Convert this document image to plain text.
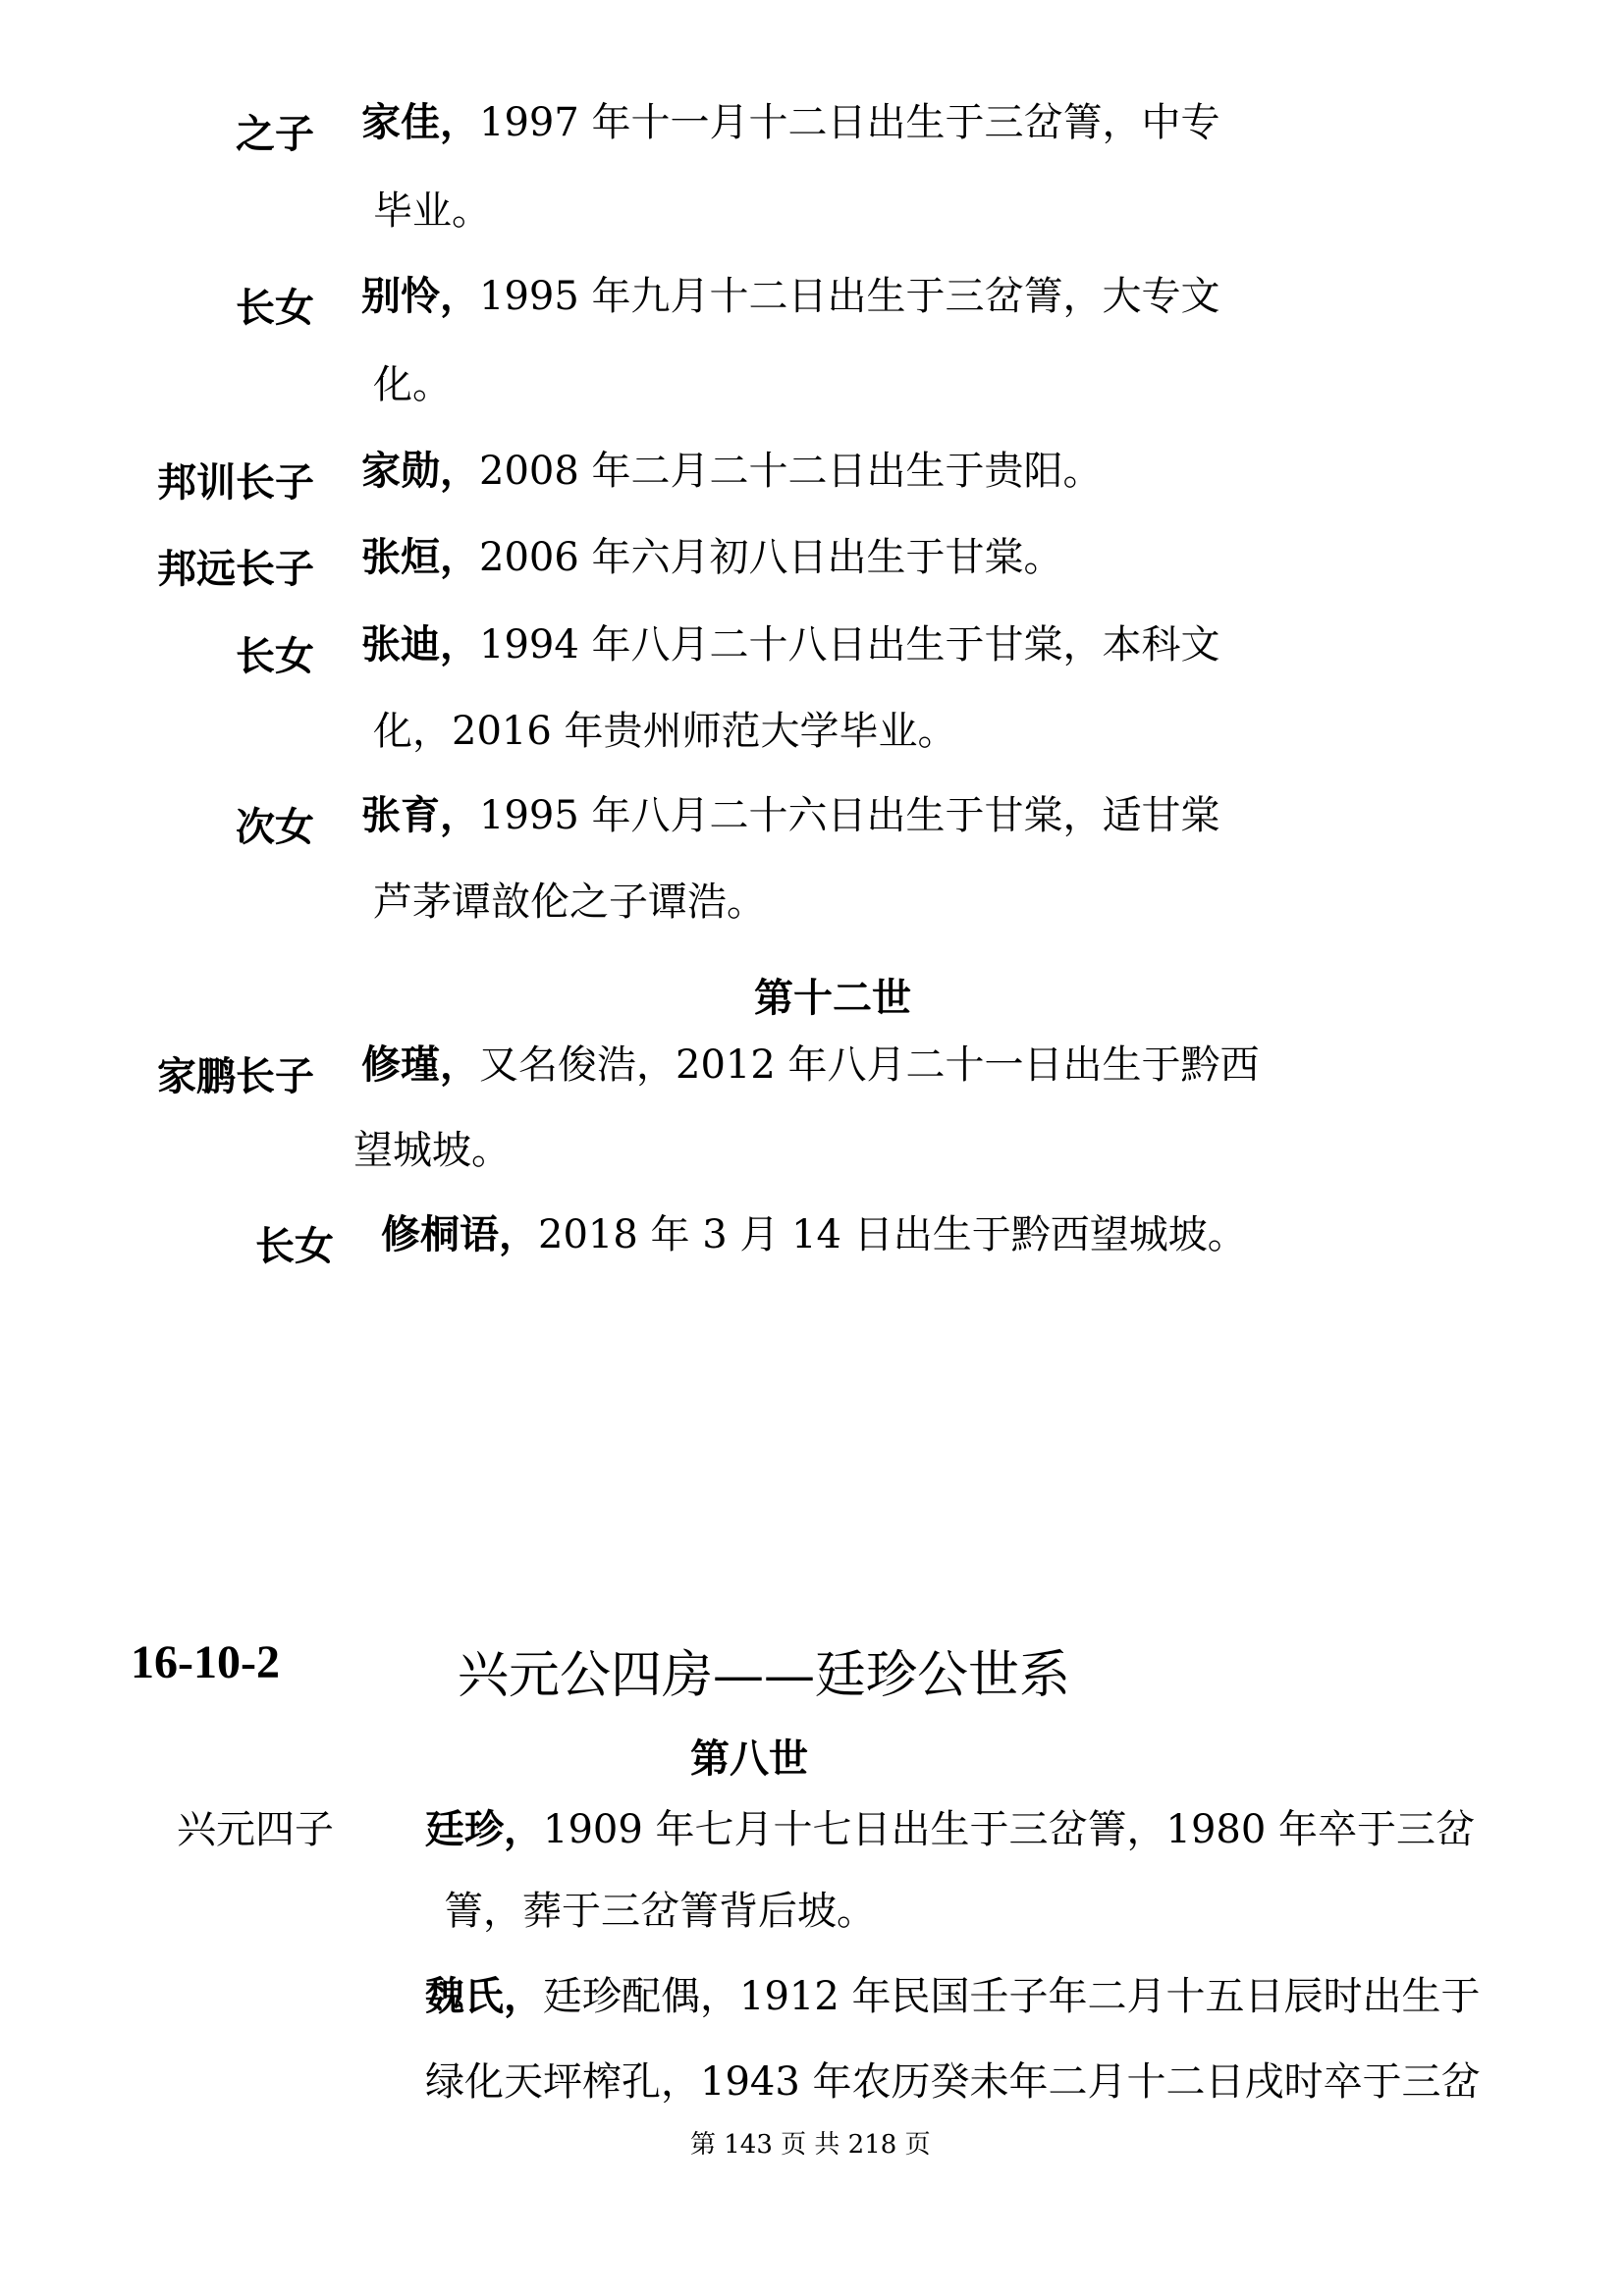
之子 家佳，1997 年十一月十二日出生于三岔箐，中专
毕业。
长女 别怜，1995 年九月十二日出生于三岔箐，大专文
化。
邦训长子 家勋，2008 年二月二十二日出生于贵阳。
邦远长子 张烜，2006 年六月初八日出生于甘棠。
长女 张迪，1994 年八月二十八日出生于甘棠，本科文
化，2016 年贵州师范大学毕业。
次女 张育，1995 年八月二十六日出生于甘棠，适甘棠
芦茅谭敨伦之子谭浩。
第十二世
家鹏长子 修瑾，又名俊浩，2012 年八月二十一日出生于黔西
望城坡。
长女 修桐语，2018 年 3 月 14 日出生于黔西望城坡。
16-10-2	兴元公四房——廷珍公世系
第八世
兴元四子 廷珍，1909 年七月十七日出生于三岔箐，1980 年卒于三岔
箐，葬于三岔箐背后坡。
魏氏，廷珍配偶，1912 年民国壬子年二月十五日辰时出生于
绿化天坪榨孔，1943 年农历癸未年二月十二日戌时卒于三岔
第 143 页 共 218 页
